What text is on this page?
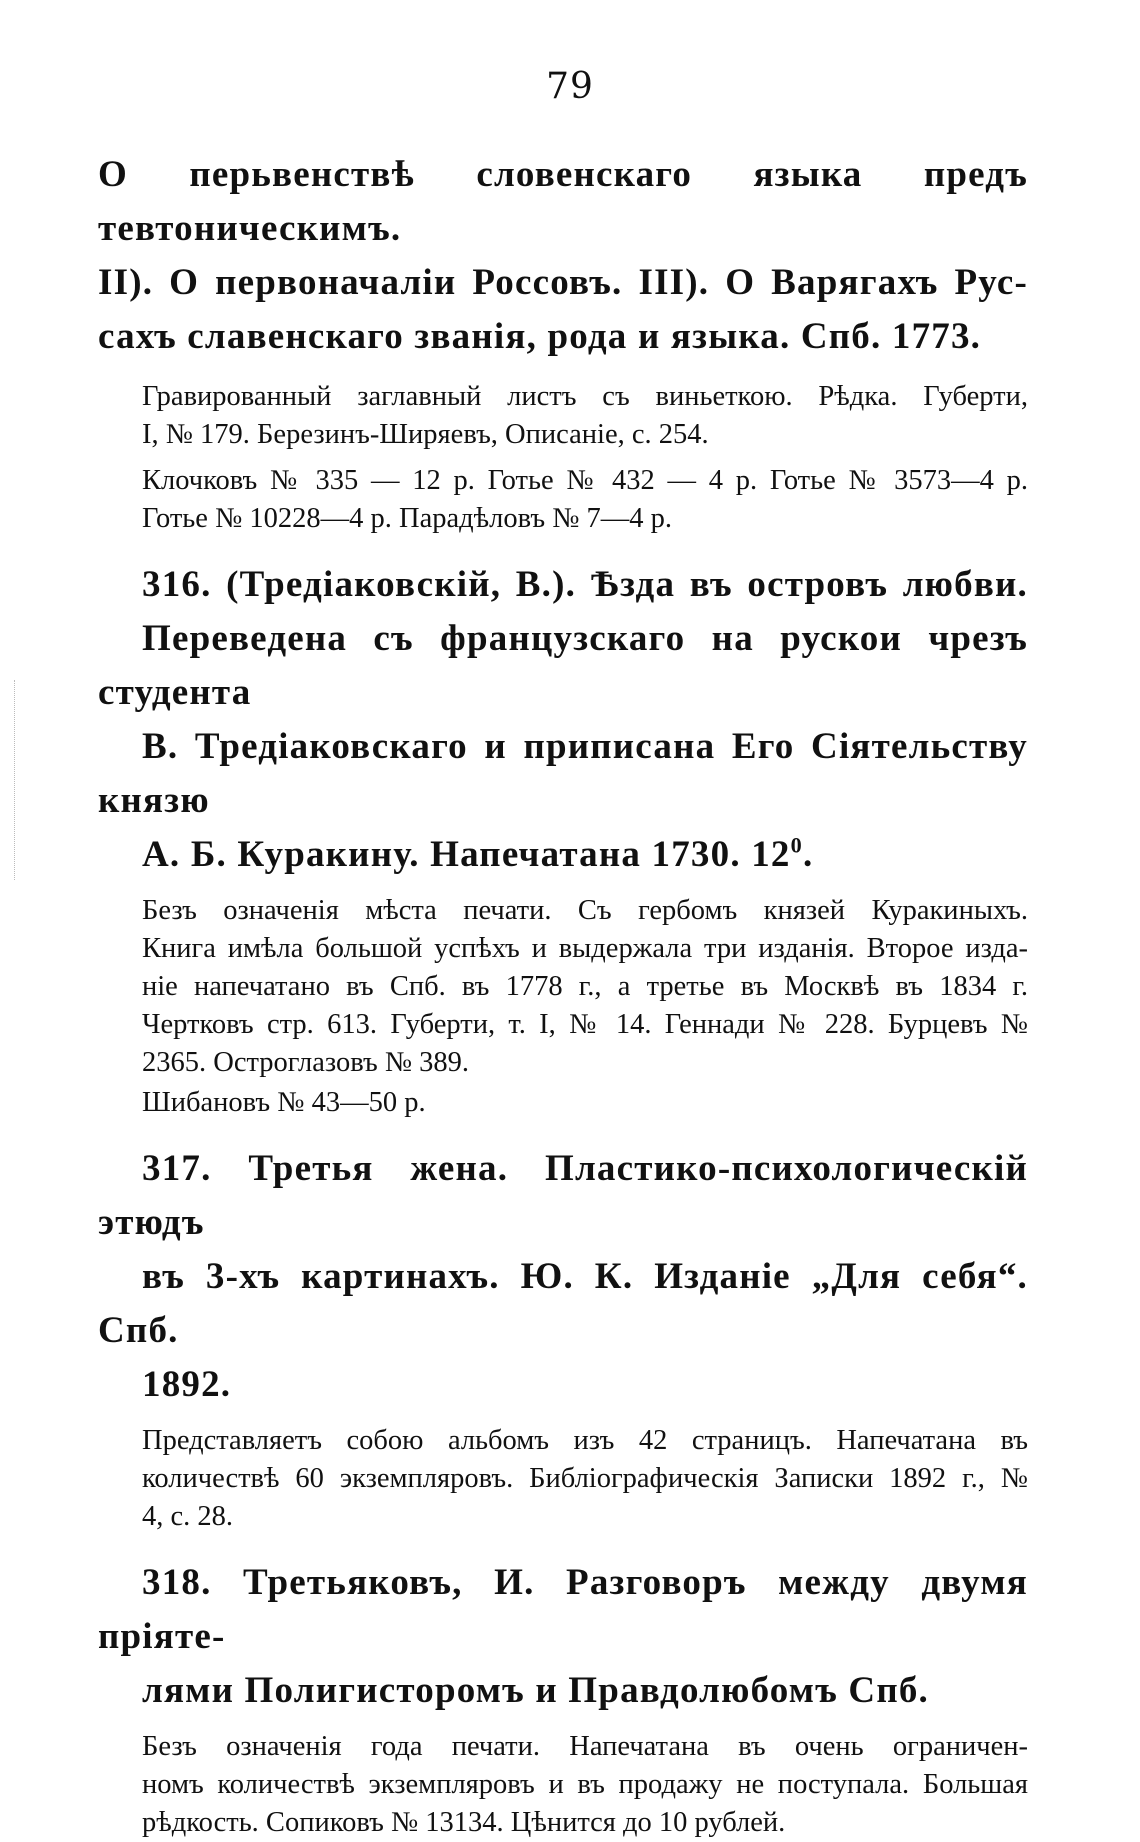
79

О перьвенствѣ словенскаго языка предъ тевтоническимъ.
II). О первоначаліи Россовъ. III). О Варягахъ Рус-
сахъ славенскаго званія, рода и языка. Спб. 1773.

Гравированный заглавный листъ съ виньеткою. Рѣдка. Губерти,
I, № 179. Березинъ-Ширяевъ, Описаніе, с. 254.

Клочковъ № 335 — 12 р. Готье № 432 — 4 р. Готье № 3573—4 р.
Готье № 10228—4 р. Парадѣловъ № 7—4 р.

316. (Тредіаковскій, В.). Ѣзда въ островъ любви.
Переведена съ французскаго на рускои чрезъ студента
В. Тредіаковскаго и приписана Его Сіятельству князю
А. Б. Куракину. Напечатана 1730. $12^0$.

Безъ означенія мѣста печати. Съ гербомъ князей Куракиныхъ.
Книга имѣла большой успѣхъ и выдержала три изданія. Второе изда-
ніе напечатано въ Спб. въ 1778 г., а третье въ Москвѣ въ 1834 г.
Чертковъ стр. 613. Губерти, т. I, № 14. Геннади № 228. Бурцевъ №
2365. Остроглазовъ № 389.

Шибановъ № 43—50 р.

317. Третья жена. Пластико-психологическій этюдъ
въ 3-хъ картинахъ. Ю. К. Изданіе „Для себя“. Спб.
1892.

Представляетъ собою альбомъ изъ 42 страницъ. Напечатана въ
количествѣ 60 экземпляровъ. Библіографическія Записки 1892 г., №
4, с. 28.

318. Третьяковъ, И. Разговоръ между двумя пріяте-
лями Полигисторомъ и Правдолюбомъ Спб.

Безъ означенія года печати. Напечатана въ очень ограничен-
номъ количествѣ экземпляровъ и въ продажу не поступала. Большая
рѣдкость. Сопиковъ № 13134. Цѣнится до 10 рублей.
